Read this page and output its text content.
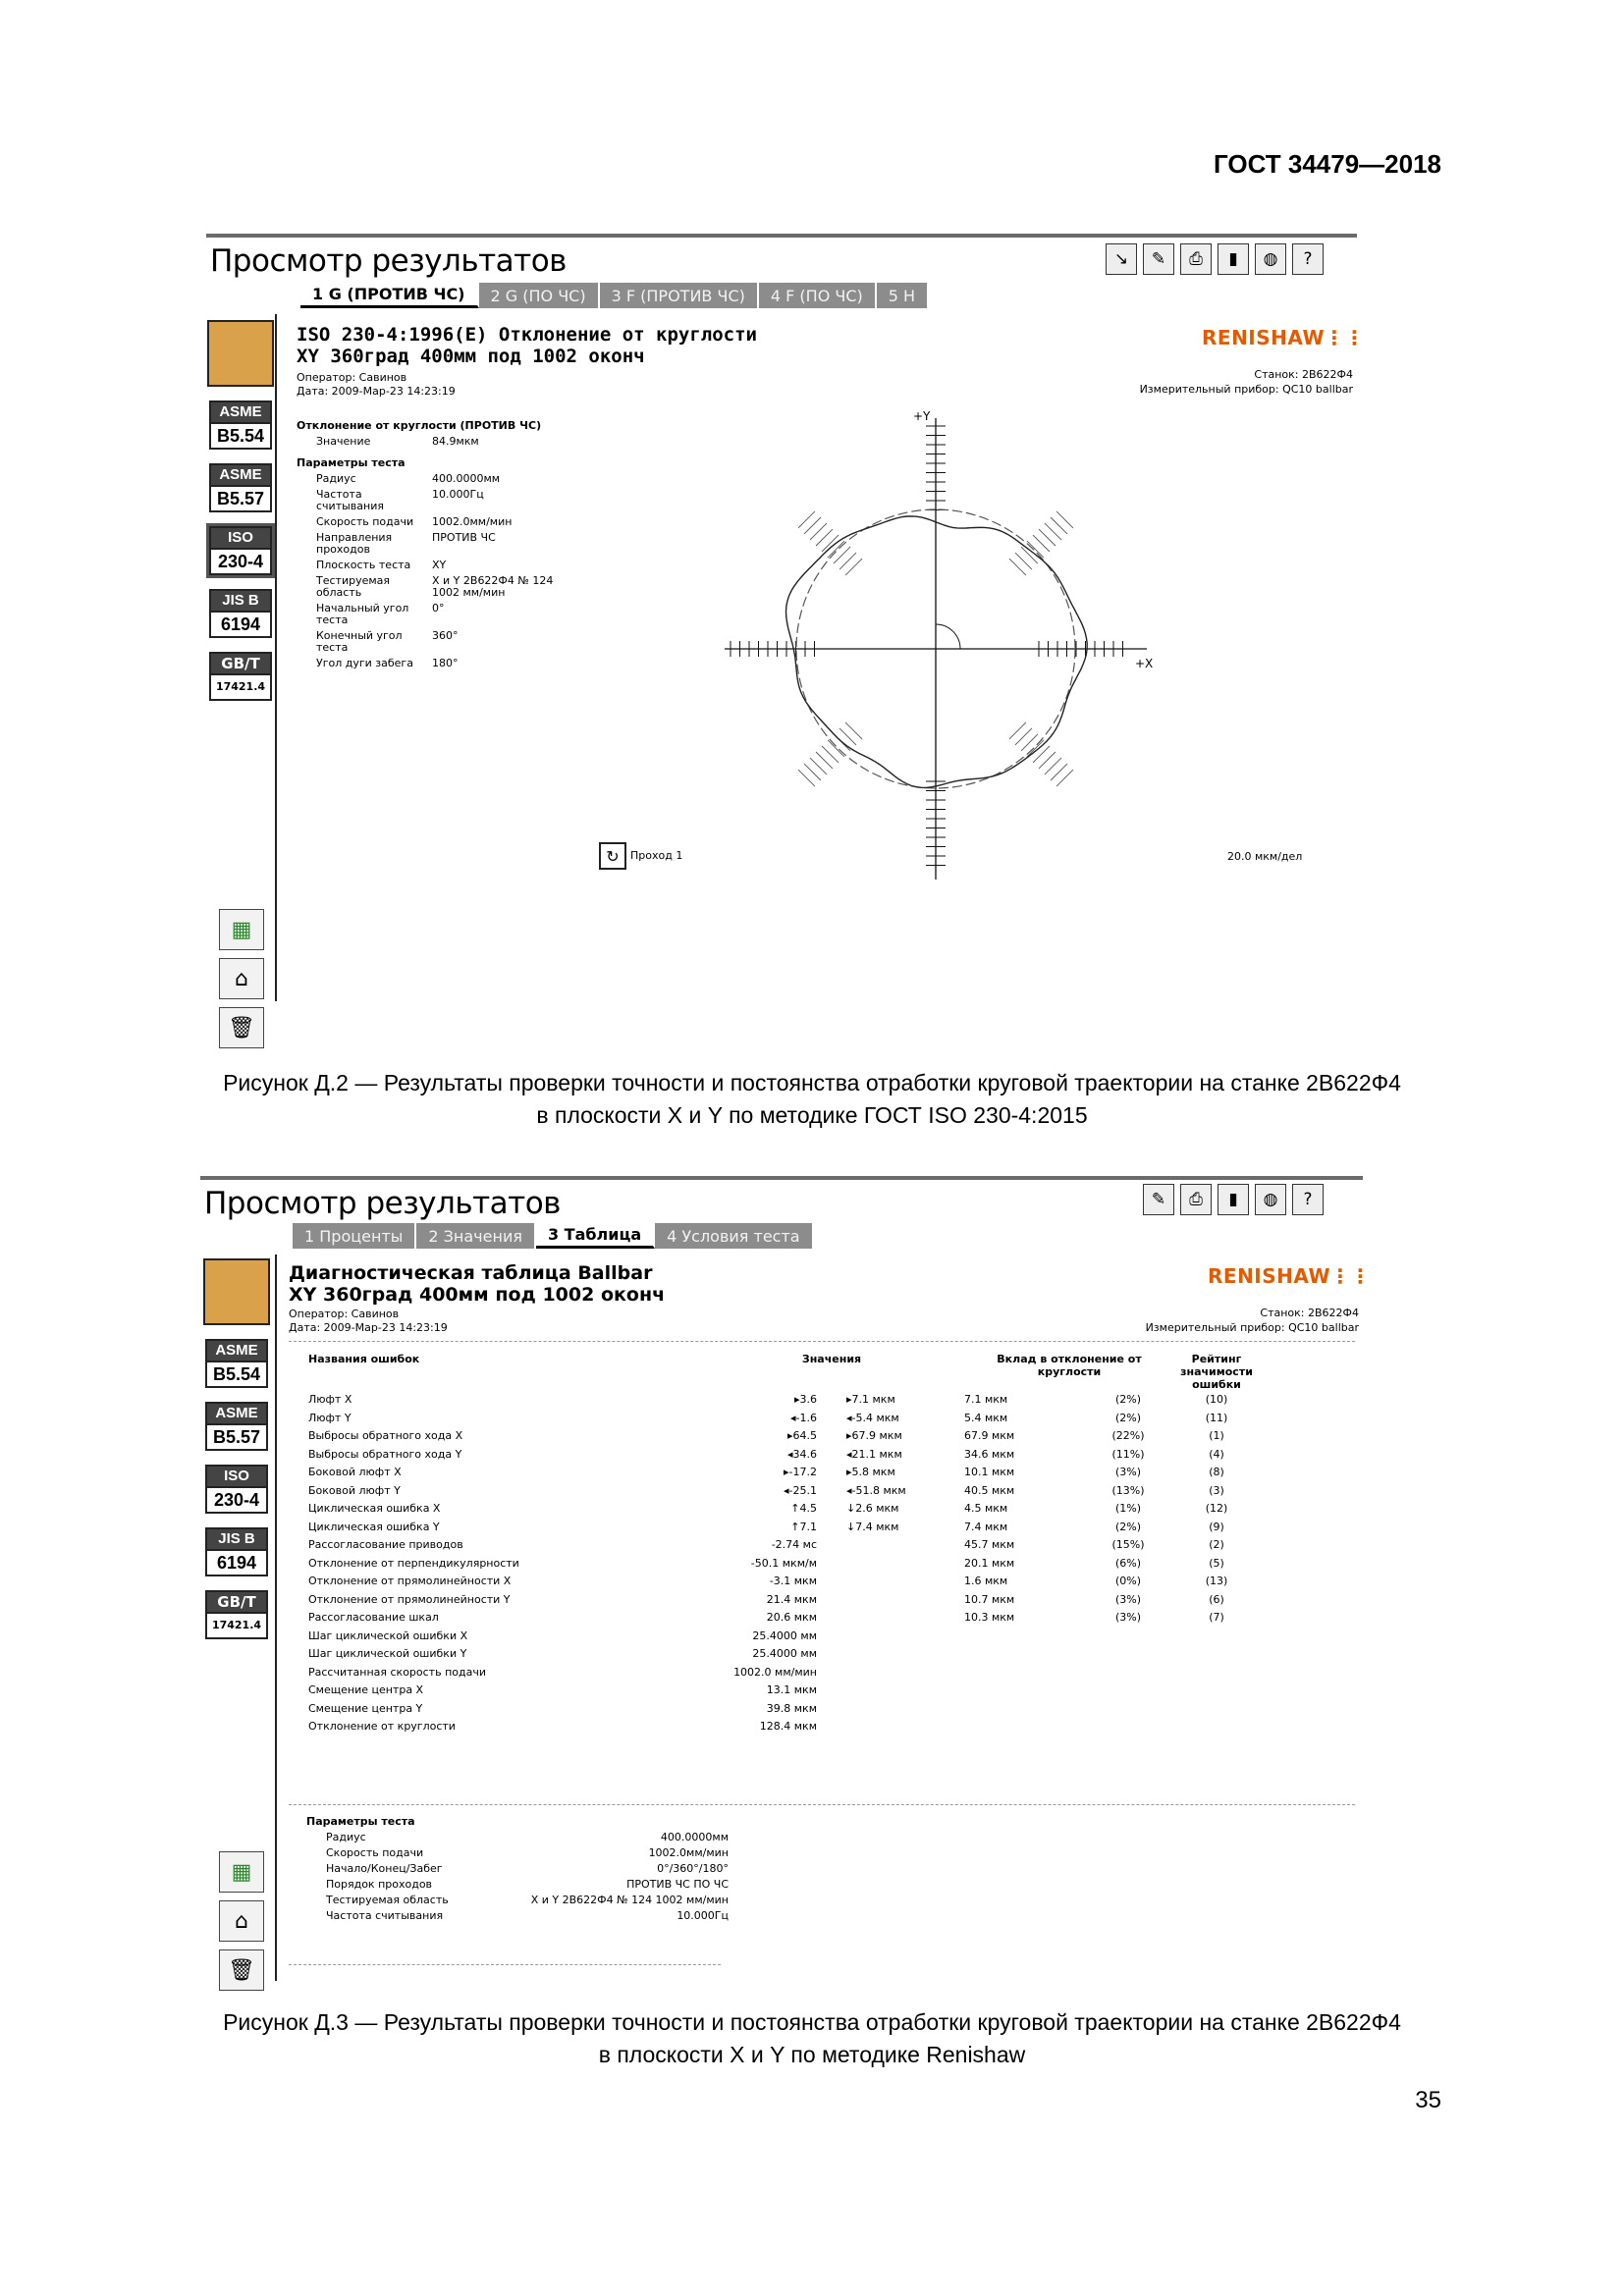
ГОСТ 34479—2018
Просмотр результатов	↘	✎	⎙	▮	◍	?
1 G (ПРОТИВ ЧС)	2 G (ПО ЧС)	3 F (ПРОТИВ ЧС)	4 F (ПО ЧС)	5 H
ASME
B5.54
ASME
B5.57
ISO
230-4
JIS B
6194
GB/T
17421.4
▦
⌂
🗑
ISO 230-4:1996(E) Отклонение от круглости
XY 360град 400мм под 1002 оконч
Оператор: Савинов
Дата: 2009-Мар-23 14:23:19
RENISHAW⋮⋮
Станок: 2В622Ф4
Измерительный прибор: QC10 ballbar
Отклонение от круглости (ПРОТИВ ЧС)	
Значение	84.9мкм
Параметры теста	
Радиус	400.0000мм
Частота считывания	10.000Гц
Скорость подачи	1002.0мм/мин
Направления проходов	ПРОТИВ ЧС
Плоскость теста	XY
Тестируемая область	X и Y 2В622Ф4 № 124 1002 мм/мин
Начальный угол теста	0°
Конечный угол теста	360°
Угол дуги забега	180°
+Y
+X
↻	Проход 1	20.0 мкм/дел
Рисунок Д.2 — Результаты проверки точности и постоянства отработки круговой траектории на станке 2В622Ф4
в плоскости X и Y по методике ГОСТ ISO 230-4:2015
Просмотр результатов	✎	⎙	▮	◍	?
1 Проценты	2 Значения	3 Таблица	4 Условия теста
ASME
B5.54
ASME
B5.57
ISO
230-4
JIS B
6194
GB/T
17421.4
▦
⌂
🗑
Диагностическая таблица Ballbar
XY 360град 400мм под 1002 оконч
Оператор: Савинов
Дата: 2009-Мар-23 14:23:19
RENISHAW⋮⋮
Станок: 2В622Ф4
Измерительный прибор: QC10 ballbar
Названия ошибок	Значения		Вклад в отклонение от круглости		Рейтинг значимости ошибки
Люфт X	▸3.6	▸7.1 мкм	7.1 мкм	(2%)	(10)
Люфт Y	◂-1.6	◂-5.4 мкм	5.4 мкм	(2%)	(11)
Выбросы обратного хода X	▸64.5	▸67.9 мкм	67.9 мкм	(22%)	(1)
Выбросы обратного хода Y	◂34.6	◂21.1 мкм	34.6 мкм	(11%)	(4)
Боковой люфт X	▸-17.2	▸5.8 мкм	10.1 мкм	(3%)	(8)
Боковой люфт Y	◂-25.1	◂-51.8 мкм	40.5 мкм	(13%)	(3)
Циклическая ошибка X	↑4.5	↓2.6 мкм	4.5 мкм	(1%)	(12)
Циклическая ошибка Y	↑7.1	↓7.4 мкм	7.4 мкм	(2%)	(9)
Рассогласование приводов	-2.74 мс		45.7 мкм	(15%)	(2)
Отклонение от перпендикулярности	-50.1 мкм/м		20.1 мкм	(6%)	(5)
Отклонение от прямолинейности X	-3.1 мкм		1.6 мкм	(0%)	(13)
Отклонение от прямолинейности Y	21.4 мкм		10.7 мкм	(3%)	(6)
Рассогласование шкал	20.6 мкм		10.3 мкм	(3%)	(7)
Шаг циклической ошибки X	25.4000 мм				
Шаг циклической ошибки Y	25.4000 мм				
Рассчитанная скорость подачи	1002.0 мм/мин				
Смещение центра X	13.1 мкм				
Смещение центра Y	39.8 мкм				
Отклонение от круглости	128.4 мкм				
Параметры теста	
Радиус	400.0000мм
Скорость подачи	1002.0мм/мин
Начало/Конец/Забег	0°/360°/180°
Порядок проходов	ПРОТИВ ЧС ПО ЧС
Тестируемая область	X и Y 2В622Ф4 № 124 1002 мм/мин
Частота считывания	10.000Гц
Рисунок Д.3 — Результаты проверки точности и постоянства отработки круговой траектории на станке 2В622Ф4
в плоскости X и Y по методике Renishaw
35
